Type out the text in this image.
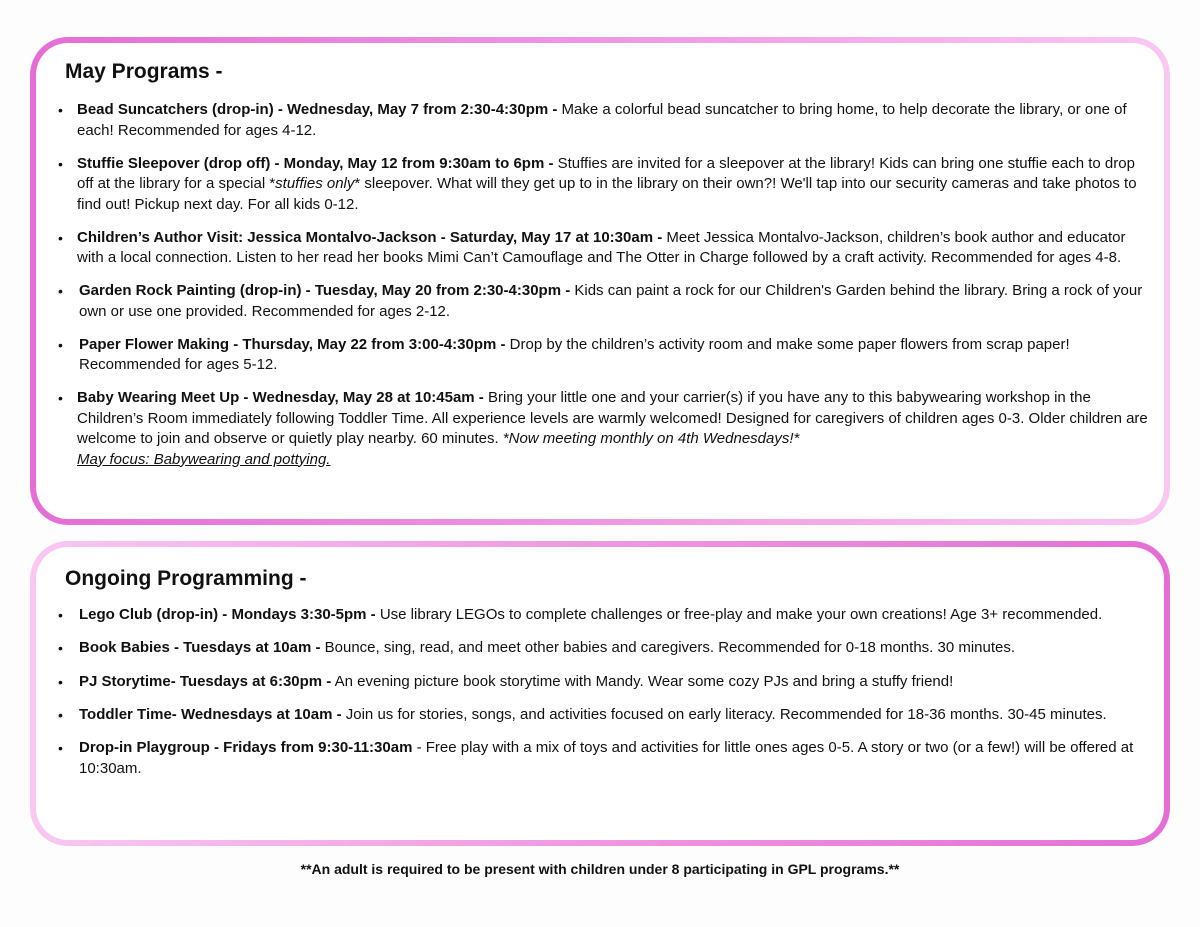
May Programs -
• Bead Suncatchers (drop-in) - Wednesday, May 7 from 2:30-4:30pm - Make a colorful bead suncatcher to bring home, to help decorate the library, or one of each! Recommended for ages 4-12.
• Stuffie Sleepover (drop off) - Monday, May 12 from 9:30am to 6pm - Stuffies are invited for a sleepover at the library! Kids can bring one stuffie each to drop off at the library for a special *stuffies only* sleepover. What will they get up to in the library on their own?! We'll tap into our security cameras and take photos to find out! Pickup next day. For all kids 0-12.
• Children’s Author Visit: Jessica Montalvo-Jackson - Saturday, May 17 at 10:30am - Meet Jessica Montalvo-Jackson, children’s book author and educator with a local connection. Listen to her read her books Mimi Can’t Camouflage and The Otter in Charge followed by a craft activity. Recommended for ages 4-8.
• Garden Rock Painting (drop-in) - Tuesday, May 20 from 2:30-4:30pm - Kids can paint a rock for our Children's Garden behind the library. Bring a rock of your own or use one provided. Recommended for ages 2-12.
• Paper Flower Making - Thursday, May 22 from 3:00-4:30pm - Drop by the children’s activity room and make some paper flowers from scrap paper! Recommended for ages 5-12.
• Baby Wearing Meet Up - Wednesday, May 28 at 10:45am - Bring your little one and your carrier(s) if you have any to this babywearing workshop in the Children’s Room immediately following Toddler Time. All experience levels are warmly welcomed! Designed for caregivers of children ages 0-3. Older children are welcome to join and observe or quietly play nearby. 60 minutes. *Now meeting monthly on 4th Wednesdays!*
May focus: Babywearing and pottying.
Ongoing Programming -
• Lego Club (drop-in) - Mondays 3:30-5pm - Use library LEGOs to complete challenges or free-play and make your own creations! Age 3+ recommended.
• Book Babies - Tuesdays at 10am - Bounce, sing, read, and meet other babies and caregivers. Recommended for 0-18 months. 30 minutes.
• PJ Storytime- Tuesdays at 6:30pm - An evening picture book storytime with Mandy. Wear some cozy PJs and bring a stuffy friend!
• Toddler Time- Wednesdays at 10am - Join us for stories, songs, and activities focused on early literacy. Recommended for 18-36 months. 30-45 minutes.
• Drop-in Playgroup - Fridays from 9:30-11:30am - Free play with a mix of toys and activities for little ones ages 0-5. A story or two (or a few!) will be offered at 10:30am.
**An adult is required to be present with children under 8 participating in GPL programs.**
